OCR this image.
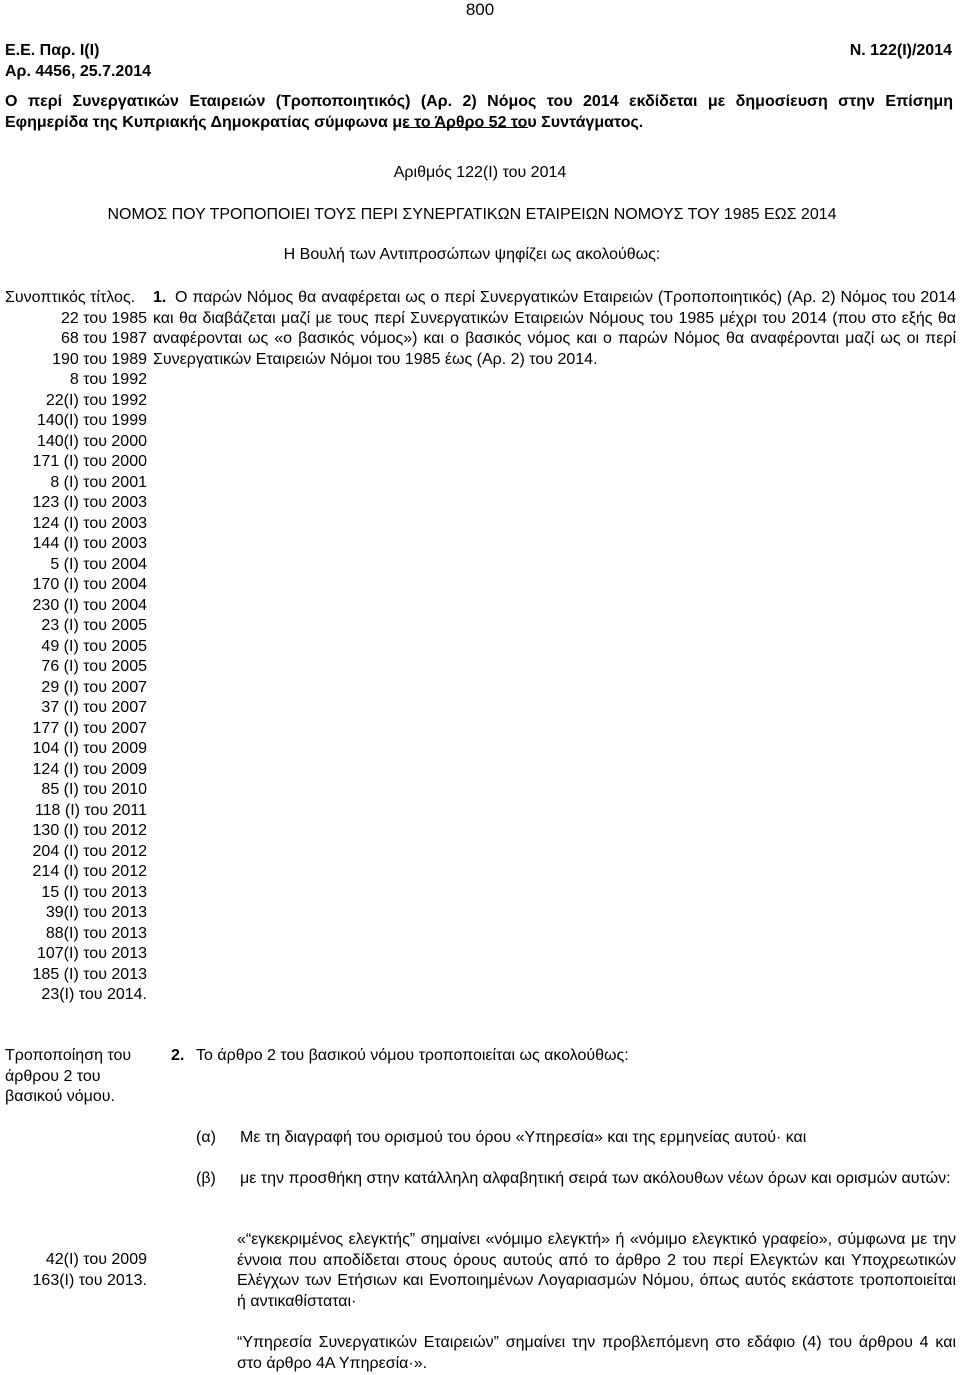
800
Ε.Ε. Παρ. Ι(Ι)
Αρ. 4456, 25.7.2014
Ν. 122(Ι)/2014
Ο περί Συνεργατικών Εταιρειών (Τροποποιητικός) (Αρ. 2) Νόμος του 2014 εκδίδεται με δημοσίευση στην Επίσημη Εφημερίδα της Κυπριακής Δημοκρατίας σύμφωνα με το Άρθρο 52 του Συντάγματος.
Αριθμός 122(Ι) του 2014
ΝΟΜΟΣ ΠΟΥ ΤΡΟΠΟΠΟΙΕΙ ΤΟΥΣ ΠΕΡΙ ΣΥΝΕΡΓΑΤΙΚΩΝ ΕΤΑΙΡΕΙΩΝ ΝΟΜΟΥΣ ΤΟΥ 1985 ΕΩΣ 2014
Η Βουλή των Αντιπροσώπων ψηφίζει ως ακολούθως:
Συνοπτικός τίτλος.
22 του 1985
68 του 1987
190 του 1989
8 του 1992
22(Ι) του 1992
140(Ι) του 1999
140(Ι) του 2000
171 (Ι) του 2000
8 (Ι) του 2001
123 (Ι) του 2003
124 (Ι) του 2003
144 (Ι) του 2003
5 (Ι) του 2004
170 (Ι) του 2004
230 (Ι) του 2004
23 (Ι) του 2005
49 (Ι) του 2005
76 (Ι) του 2005
29 (Ι) του 2007
37 (Ι) του 2007
177 (Ι) του 2007
104 (Ι) του 2009
124 (Ι) του 2009
85 (Ι) του 2010
118 (Ι) του 2011
130 (Ι) του 2012
204 (Ι) του 2012
214 (Ι) του 2012
15 (Ι) του 2013
39(Ι) του 2013
88(Ι) του 2013
107(Ι) του 2013
185 (Ι) του 2013
23(Ι) του 2014.
1. Ο παρών Νόμος θα αναφέρεται ως ο περί Συνεργατικών Εταιρειών (Τροποποιητικός) (Αρ. 2) Νόμος του 2014 και θα διαβάζεται μαζί με τους περί Συνεργατικών Εταιρειών Νόμους του 1985 μέχρι του 2014 (που στο εξής θα αναφέρονται ως «ο βασικός νόμος») και ο βασικός νόμος και ο παρών Νόμος θα αναφέρονται μαζί ως οι περί Συνεργατικών Εταιρειών Νόμοι του 1985 έως (Αρ. 2) του 2014.
Τροποποίηση του άρθρου 2 του βασικού νόμου.
2. Το άρθρο 2 του βασικού νόμου τροποποιείται ως ακολούθως:
(α) Με τη διαγραφή του ορισμού του όρου «Υπηρεσία» και της ερμηνείας αυτού· και
(β) με την προσθήκη στην κατάλληλη αλφαβητική σειρά των ακόλουθων νέων όρων και ορισμών αυτών:
«“εγκεκριμένος ελεγκτής” σημαίνει «νόμιμο ελεγκτή» ή «νόμιμο ελεγκτικό γραφείο», σύμφωνα με την έννοια που αποδίδεται στους όρους αυτούς από το άρθρο 2 του περί Ελεγκτών και Υποχρεωτικών Ελέγχων των Ετήσιων και Ενοποιημένων Λογαριασμών Νόμου, όπως αυτός εκάστοτε τροποποιείται ή αντικαθίσταται·
“Υπηρεσία Συνεργατικών Εταιρειών” σημαίνει την προβλεπόμενη στο εδάφιο (4) του άρθρου 4 και στο άρθρο 4Α Υπηρεσία·».
42(Ι) του 2009
163(Ι) του 2013.
